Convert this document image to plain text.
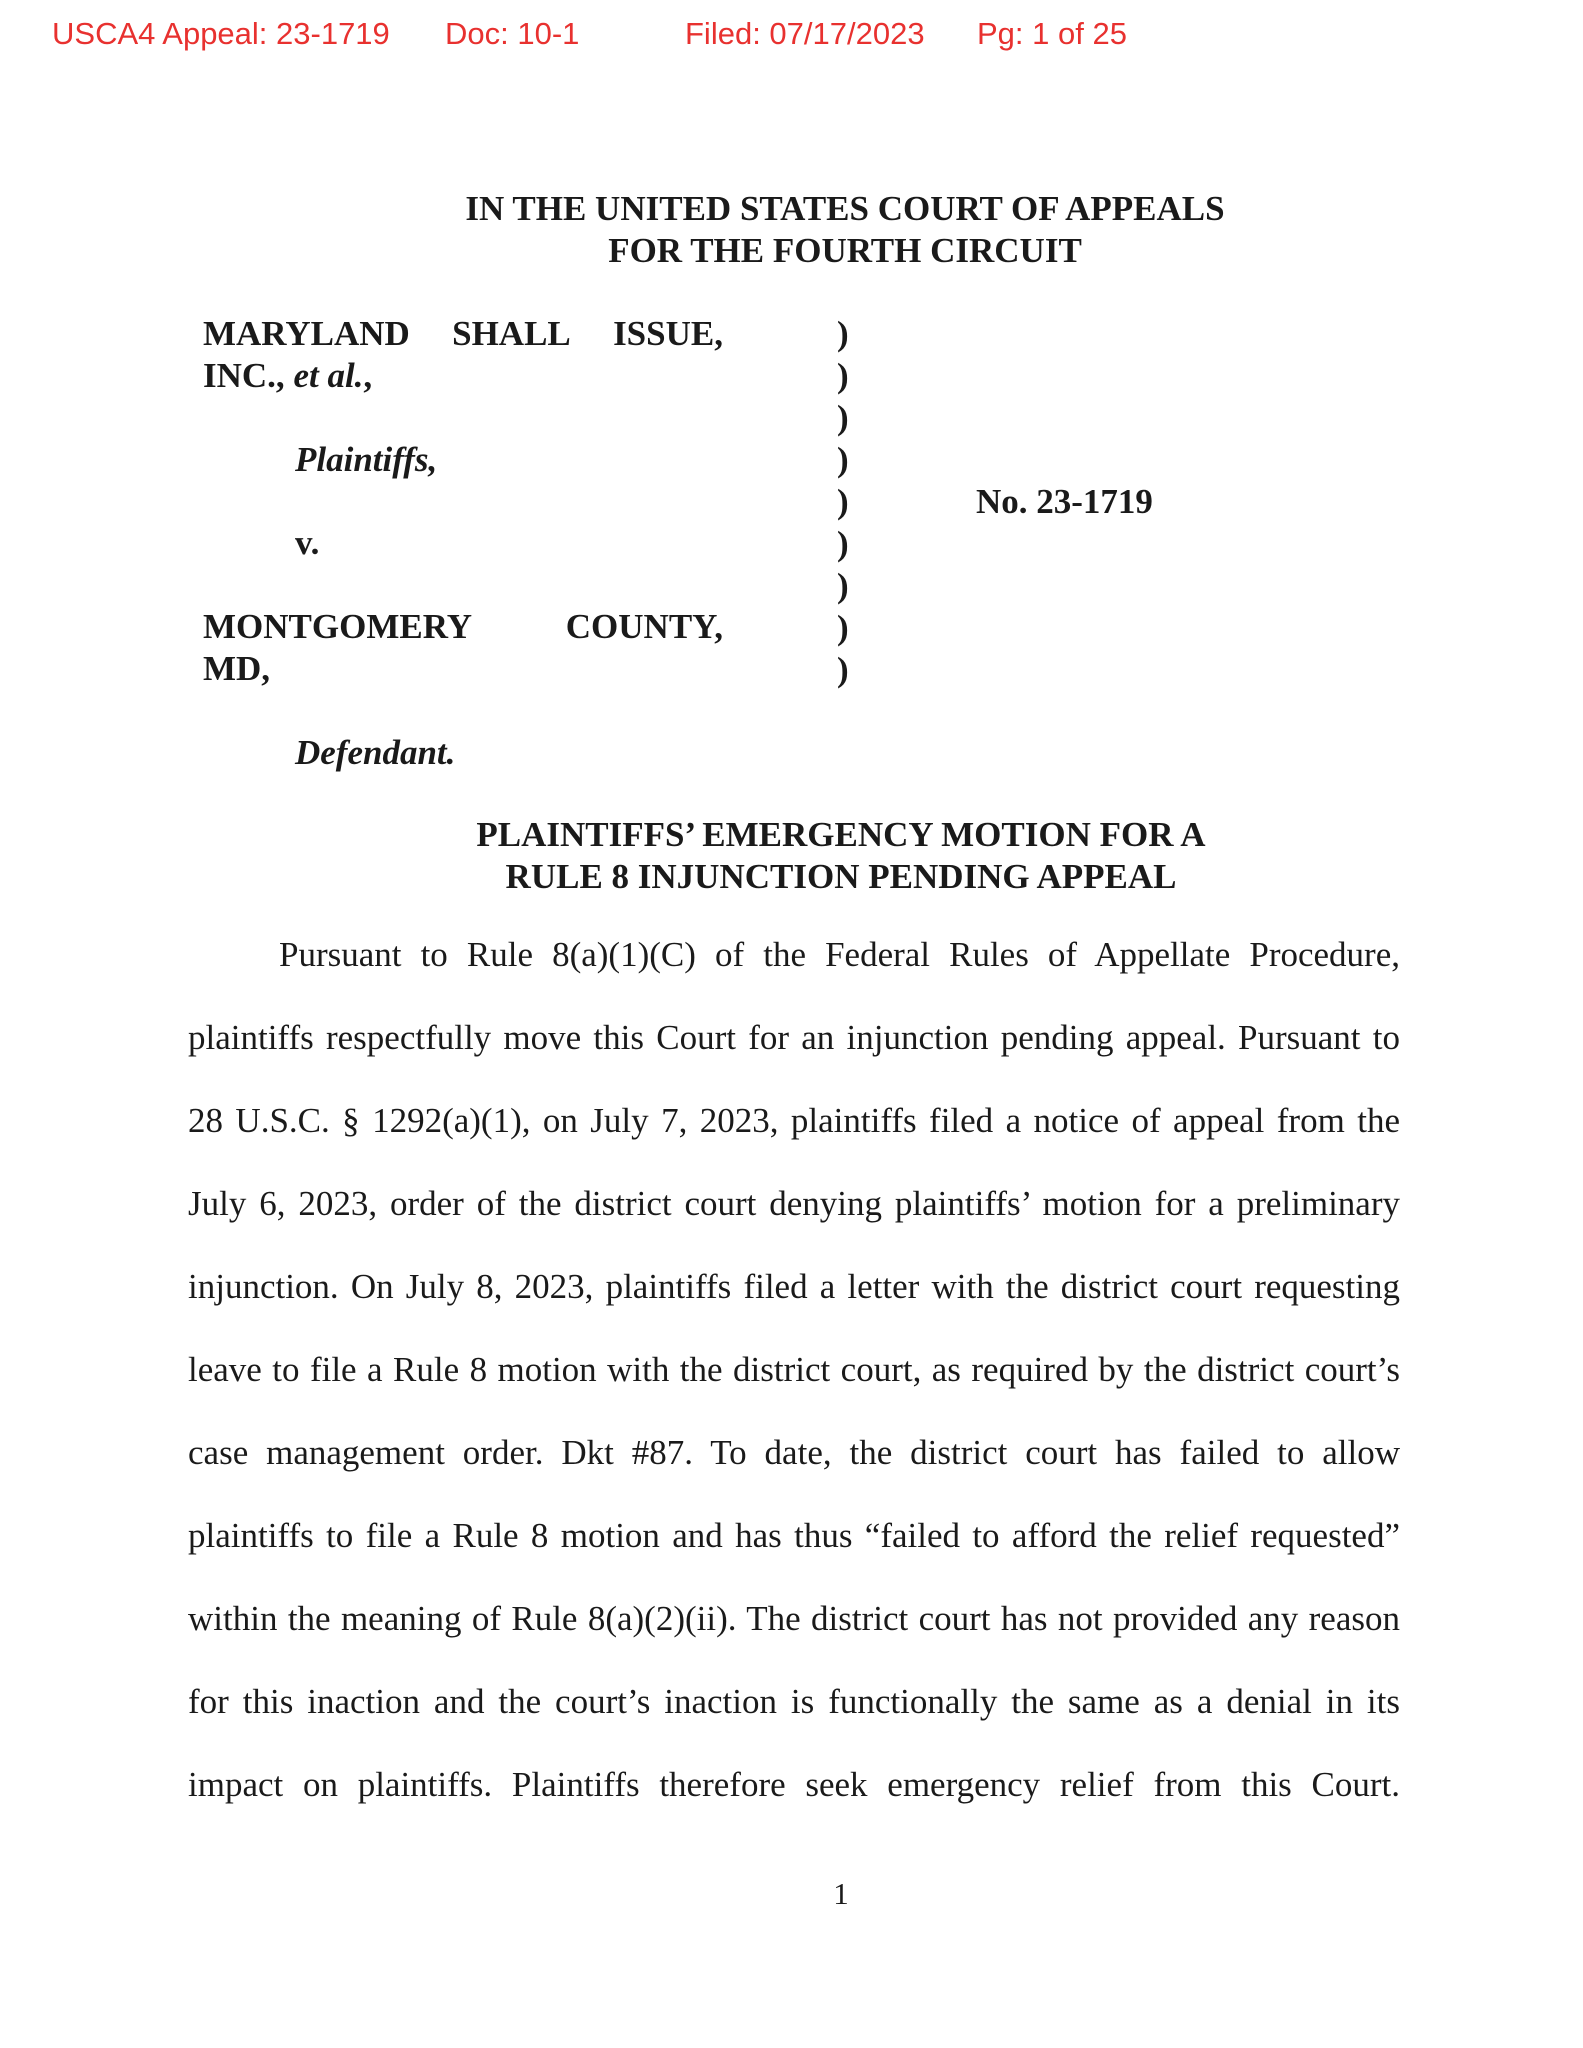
USCA4 Appeal: 23-1719 Doc: 10-1	Filed: 07/17/2023 Pg: 1 of 25
IN THE UNITED STATES COURT OF APPEALS
FOR THE FOURTH CIRCUIT
MARYLAND SHALL ISSUE,
INC., et al.,
Plaintiffs,
v.
MONTGOMERY	COUNTY,
MD,
Defendant.
No. 23-1719
)
)
)
)
)
)
)
)
)
PLAINTIFFS’ EMERGENCY MOTION FOR A
RULE 8 INJUNCTION PENDING APPEAL
Pursuant to Rule 8(a)(1)(C) of the Federal Rules of Appellate Procedure,
plaintiffs respectfully move this Court for an injunction pending appeal. Pursuant to
28 U.S.C. § 1292(a)(1), on July 7, 2023, plaintiffs filed a notice of appeal from the
July 6, 2023, order of the district court denying plaintiffs’ motion for a preliminary
injunction. On July 8, 2023, plaintiffs filed a letter with the district court requesting
leave to file a Rule 8 motion with the district court, as required by the district court’s
case management order. Dkt #87. To date, the district court has failed to allow
plaintiffs to file a Rule 8 motion and has thus “failed to afford the relief requested”
within the meaning of Rule 8(a)(2)(ii). The district court has not provided any reason
for this inaction and the court’s inaction is functionally the same as a denial in its
impact on plaintiffs. Plaintiffs therefore seek emergency relief from this Court.
1
